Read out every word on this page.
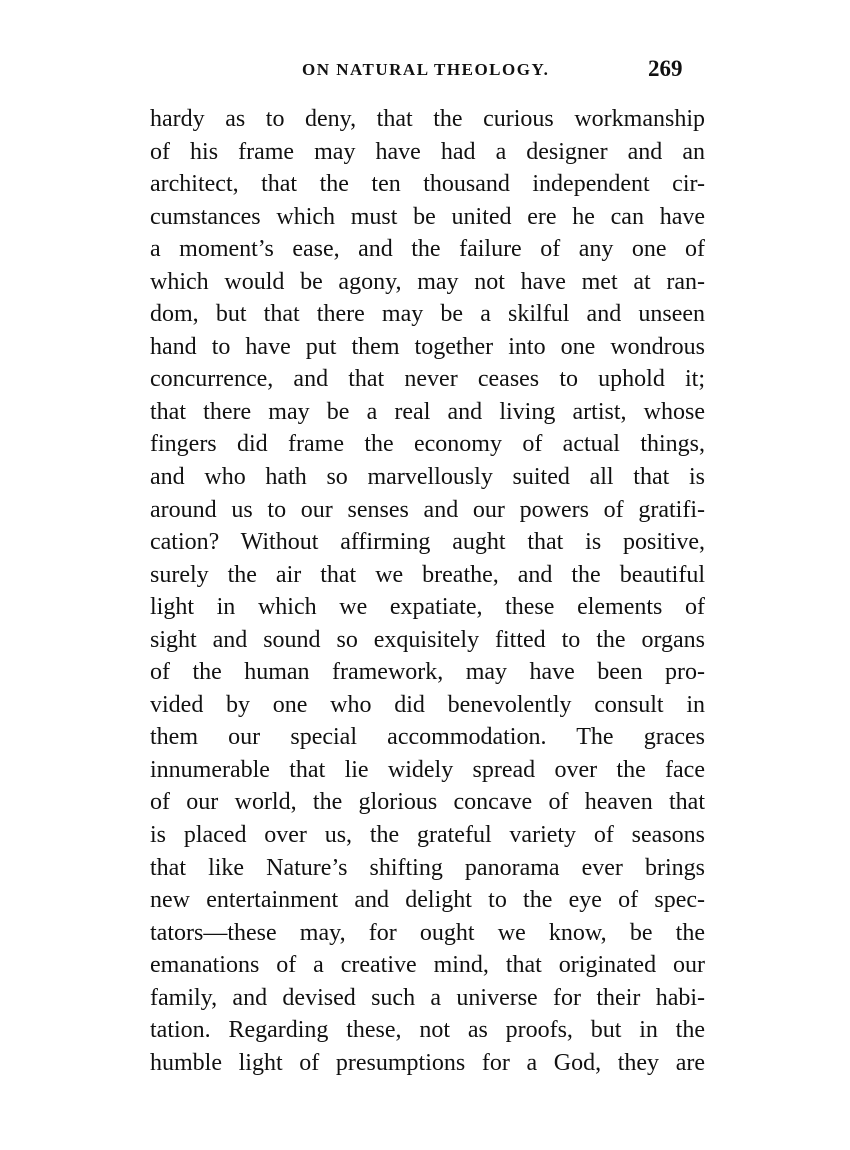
ON NATURAL THEOLOGY.	269
hardy as to deny, that the curious workmanship
of his frame may have had a designer and an
architect, that the ten thousand independent cir-
cumstances which must be united ere he can have
a moment’s ease, and the failure of any one of
which would be agony, may not have met at ran-
dom, but that there may be a skilful and unseen
hand to have put them together into one wondrous
concurrence, and that never ceases to uphold it;
that there may be a real and living artist, whose
fingers did frame the economy of actual things,
and who hath so marvellously suited all that is
around us to our senses and our powers of gratifi-
cation? Without affirming aught that is positive,
surely the air that we breathe, and the beautiful
light in which we expatiate, these elements of
sight and sound so exquisitely fitted to the organs
of the human framework, may have been pro-
vided by one who did benevolently consult in
them our special accommodation. The graces
innumerable that lie widely spread over the face
of our world, the glorious concave of heaven that
is placed over us, the grateful variety of seasons
that like Nature’s shifting panorama ever brings
new entertainment and delight to the eye of spec-
tators—these may, for ought we know, be the
emanations of a creative mind, that originated our
family, and devised such a universe for their habi-
tation. Regarding these, not as proofs, but in the
humble light of presumptions for a God, they are
